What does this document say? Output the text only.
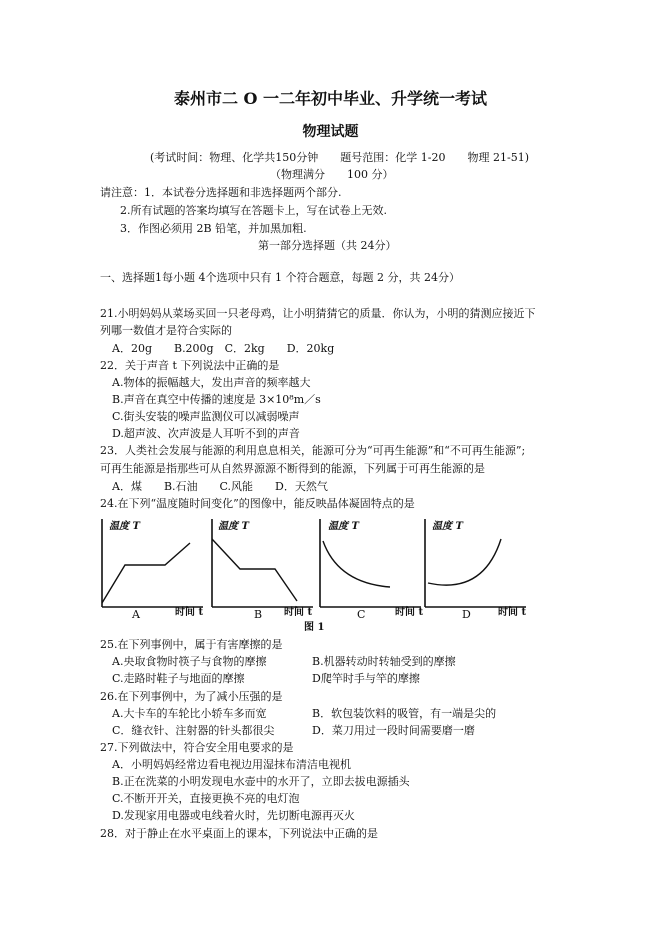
泰州市二 O 一二年初中毕业、升学统一考试
物理试题
(考试时间：物理、化学共150分钟　　题号范围：化学 1-20　　物理 21-51)
（物理满分　　100 分）
请注意：1．本试卷分选择题和非选择题两个部分.
2.所有试题的答案均填写在答题卡上，写在试卷上无效.
3．作图必须用 2B 铅笔，并加黑加粗.
第一部分选择题（共 24分）
一、选择题1每小题 4个选项中只有 1 个符合题意，每题 2 分，共 24分）
21.小明妈妈从菜场买回一只老母鸡，让小明猜猜它的质量．你认为，小明的猜测应接近下
列哪一数值才是符合实际的
A．20g　　B.200g　C．2kg　　D．20kg
22．关于声音 t 下列说法中正确的是
A.物体的振幅越大，发出声音的频率越大
B.声音在真空中传播的速度是 3×10⁸m／s
C.街头安装的噪声监测仪可以减弱噪声
D.超声波、次声波是人耳听不到的声音
23．人类社会发展与能源的利用息息相关，能源可分为“可再生能源”和“不可再生能源”;
可再生能源是指那些可从自然界源源不断得到的能源，下列属于可再生能源的是
A．煤　　B.石油　　C.风能　　D．天然气
24.在下列“温度随时间变化”的图像中，能反映晶体凝固特点的是
温度 T
时间 t
A
温度 T
时间 t
B
温度 T
时间 t
C
温度 T
时间 t
D
图 1
25.在下列事例中，属于有害摩擦的是
A.央取食物时筷子与食物的摩擦	B.机器转动时转轴受到的摩擦
C.走路时鞋子与地面的摩擦	D爬竿时手与竿的摩擦
26.在下列事例中，为了减小压强的是
A.大卡车的车轮比小轿车多而宽	B．软包装饮料的吸管，有一端是尖的
C．缝衣针、注射器的针头都很尖	D．菜刀用过一段时间需要磨一磨
27.下列做法中，符合安全用电要求的是
A．小明妈妈经常边看电视边用湿抹布清洁电视机
B.正在洗菜的小明发现电水壶中的水开了，立即去拔电源插头
C.不断开开关，直接更换不亮的电灯泡
D.发现家用电器或电线着火时，先切断电源再灭火
28．对于静止在水平桌面上的课本，下列说法中正确的是
